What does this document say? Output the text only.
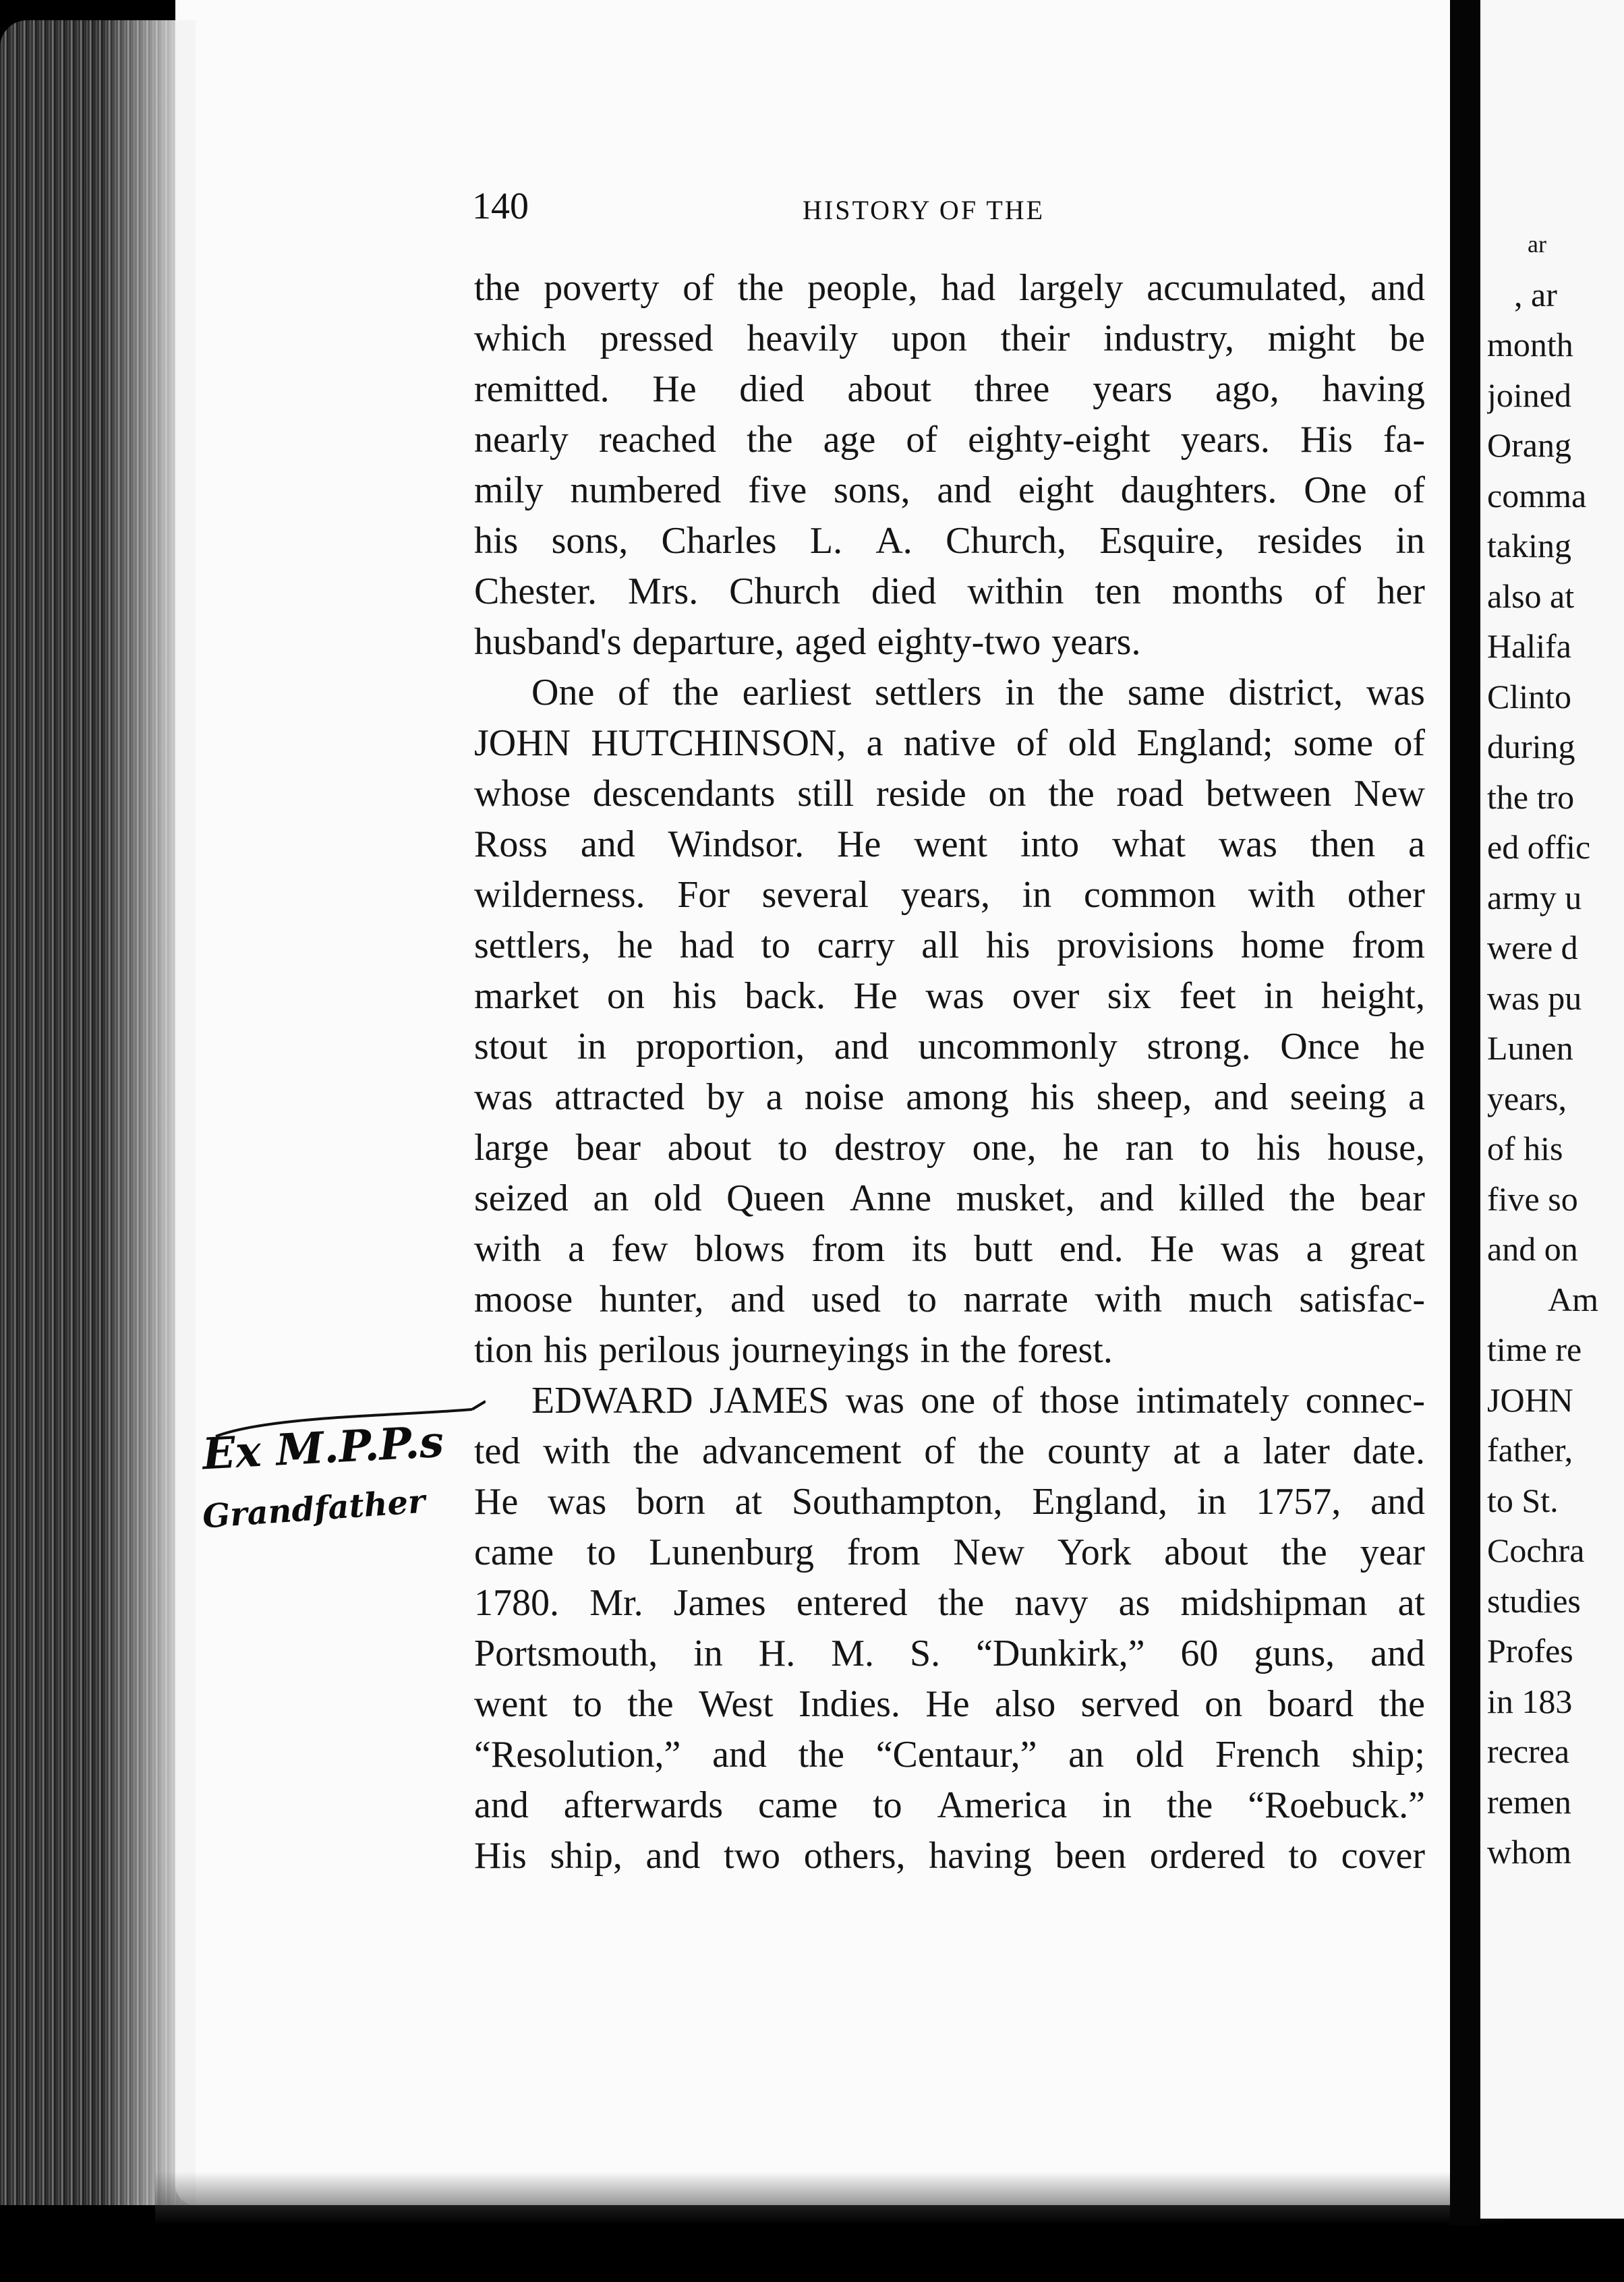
140	HISTORY OF THE
the poverty of the people, had largely accumulated, and
which pressed heavily upon their industry, might be
remitted. He died about three years ago, having
nearly reached the age of eighty-eight years. His fa-
mily numbered five sons, and eight daughters. One of
his sons, Charles L. A. Church, Esquire, resides in
Chester. Mrs. Church died within ten months of her
husband's departure, aged eighty-two years.
One of the earliest settlers in the same district, was
JOHN HUTCHINSON, a native of old England; some of
whose descendants still reside on the road between New
Ross and Windsor. He went into what was then a
wilderness. For several years, in common with other
settlers, he had to carry all his provisions home from
market on his back. He was over six feet in height,
stout in proportion, and uncommonly strong. Once he
was attracted by a noise among his sheep, and seeing a
large bear about to destroy one, he ran to his house,
seized an old Queen Anne musket, and killed the bear
with a few blows from its butt end. He was a great
moose hunter, and used to narrate with much satisfac-
tion his perilous journeyings in the forest.
EDWARD JAMES was one of those intimately connec-
ted with the advancement of the county at a later date.
He was born at Southampton, England, in 1757, and
came to Lunenburg from New York about the year
1780. Mr. James entered the navy as midshipman at
Portsmouth, in H. M. S. “Dunkirk,” 60 guns, and
went to the West Indies. He also served on board the
“Resolution,” and the “Centaur,” an old French ship;
and afterwards came to America in the “Roebuck.”
His ship, and two others, having been ordered to cover
Ex M.P.P.s
Grandfather
ar
, ar
month
joined
Orang
comma
taking
also at
Halifa
Clinto
during
the tro
ed offic
army u
were d
was pu
Lunen
years,
of his
five so
and on
Am
time re
JOHN
father,
to St.
Cochra
studies
Profes
in 183
recrea
remen
whom
